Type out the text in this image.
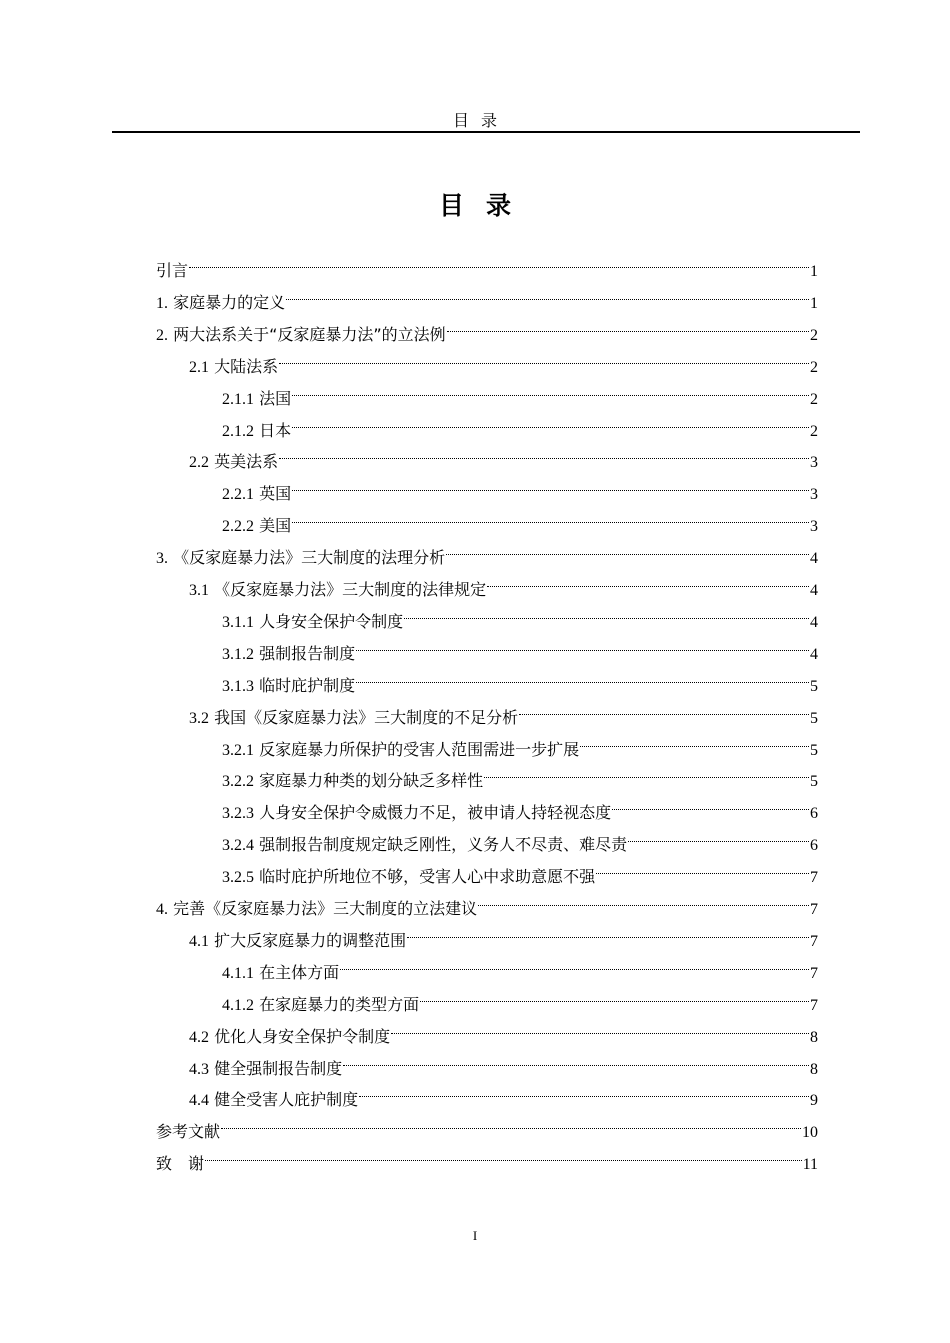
目录
目录
引言	1
1. 家庭暴力的定义	1
2. 两大法系关于“反家庭暴力法”的立法例	2
2.1 大陆法系	2
2.1.1 法国	2
2.1.2 日本	2
2.2 英美法系	3
2.2.1 英国	3
2.2.2 美国	3
3. 《反家庭暴力法》三大制度的法理分析	4
3.1 《反家庭暴力法》三大制度的法律规定	4
3.1.1 人身安全保护令制度	4
3.1.2 强制报告制度	4
3.1.3 临时庇护制度	5
3.2 我国《反家庭暴力法》三大制度的不足分析	5
3.2.1 反家庭暴力所保护的受害人范围需进一步扩展	5
3.2.2 家庭暴力种类的划分缺乏多样性	5
3.2.3 人身安全保护令威慑力不足，被申请人持轻视态度	6
3.2.4 强制报告制度规定缺乏刚性，义务人不尽责、难尽责	6
3.2.5 临时庇护所地位不够，受害人心中求助意愿不强	7
4. 完善《反家庭暴力法》三大制度的立法建议	7
4.1 扩大反家庭暴力的调整范围	7
4.1.1 在主体方面	7
4.1.2 在家庭暴力的类型方面	7
4.2 优化人身安全保护令制度	8
4.3 健全强制报告制度	8
4.4 健全受害人庇护制度	9
参考文献	10
致　谢	11
I
